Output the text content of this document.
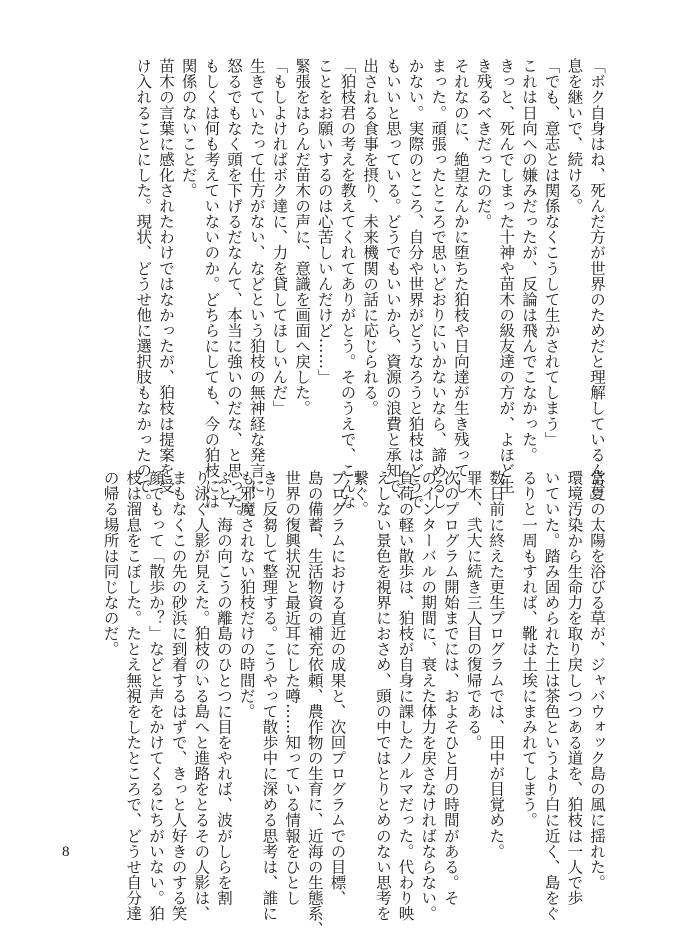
「ボク自身はね、死んだ方が世界のためだと理解しているんだ」
息を継いで、続ける。
「でも、意志とは関係なくこうして生かされてしまう」
これは日向への嫌みだったが、反論は飛んでこなかった。
きっと、死んでしまった十神や苗木の級友達の方が、よほど生
き残るべきだったのだ。
それなのに、絶望なんかに堕ちた狛枝や日向達が生き残ってし
まった。頑張ったところで思いどおりにいかないなら、諦めるし
かない。実際のところ、自分や世界がどうなろうと狛枝はどうで
もいいと思っている。どうでもいいから、資源の浪費と承知で、
出される食事を摂り、未来機関の話に応じられる。
「狛枝君の考えを教えてくれてありがとう。そのうえで、こんな
ことをお願いするのは心苦しいんだけど……」
緊張をはらんだ苗木の声に、意識を画面へ戻した。
「もしよければボク達に、力を貸してほしいんだ」
生きていたって仕方がない、などという狛枝の無神経な発言に
怒るでもなく頭を下げるだなんて、本当に強いのだな、と思った。
もしくは何も考えていないのか。どちらにしても、今の狛枝には
関係のないことだ。
苗木の言葉に感化されたわけではなかったが、狛枝は提案を受
け入れることにした。現状、どうせ他に選択肢もなかったので。
常夏の太陽を浴びる草が、ジャバウォック島の風に揺れた。
環境汚染から生命力を取り戻しつつある道を、狛枝は一人で歩
いていた。踏み固められた土は茶色というより白に近く、島をぐ
るりと一周もすれば、靴は土埃にまみれてしまう。
数日前に終えた更生プログラムでは、田中が目覚めた。
罪木、弐大に続き三人目の復帰である。
次のプログラム開始までには、およそひと月の時間がある。そ
のインターバルの期間に、衰えた体力を戻さなければならない。
負荷の軽い散歩は、狛枝が自身に課したノルマだった。代わり映
えしない景色を視界におさめ、頭の中ではとりとめのない思考を
繋ぐ。
プログラムにおける直近の成果と、次回プログラムでの目標、
島の備蓄、生活物資の補充依頼、農作物の生育に、近海の生態系、
世界の復興状況と最近耳にした噂……知っている情報をひとし
きり反芻して整理する。こうやって散歩中に深める思考は、誰に
も邪魔されない狛枝だけの時間だ。
ふと、海の向こうの離島のひとつに目をやれば、波がしらを割
り泳ぐ人影が見えた。狛枝のいる島へと進路をとるその人影は、
まもなくこの先の砂浜に到着するはずで、きっと人好きのする笑
顔でもって「散歩か？」などと声をかけてくるにちがいない。狛
枝は溜息をこぼした。たとえ無視をしたところで、どうせ自分達
の帰る場所は同じなのだ。
8
